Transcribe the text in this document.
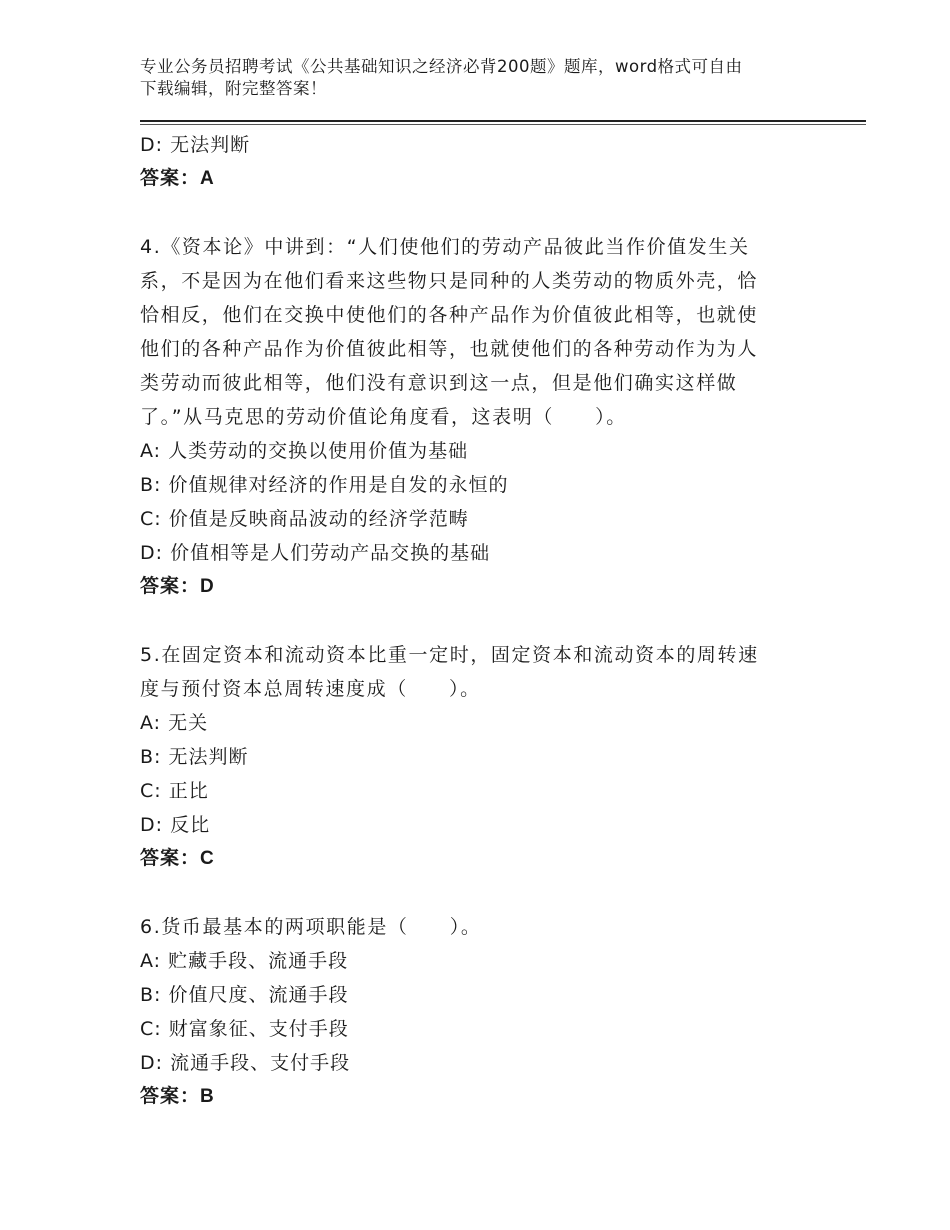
专业公务员招聘考试《公共基础知识之经济必背200题》题库，word格式可自由
下载编辑，附完整答案！
D: 无法判断
答案：A
4.《资本论》中讲到：“人们使他们的劳动产品彼此当作价值发生关
系，不是因为在他们看来这些物只是同种的人类劳动的物质外壳，恰
恰相反，他们在交换中使他们的各种产品作为价值彼此相等，也就使
他们的各种产品作为价值彼此相等，也就使他们的各种劳动作为为人
类劳动而彼此相等，他们没有意识到这一点，但是他们确实这样做
了。”从马克思的劳动价值论角度看，这表明（　　）。
A: 人类劳动的交换以使用价值为基础
B: 价值规律对经济的作用是自发的永恒的
C: 价值是反映商品波动的经济学范畴
D: 价值相等是人们劳动产品交换的基础
答案：D
5.在固定资本和流动资本比重一定时，固定资本和流动资本的周转速
度与预付资本总周转速度成（　　）。
A: 无关
B: 无法判断
C: 正比
D: 反比
答案：C
6.货币最基本的两项职能是（　　）。
A: 贮藏手段、流通手段
B: 价值尺度、流通手段
C: 财富象征、支付手段
D: 流通手段、支付手段
答案：B
